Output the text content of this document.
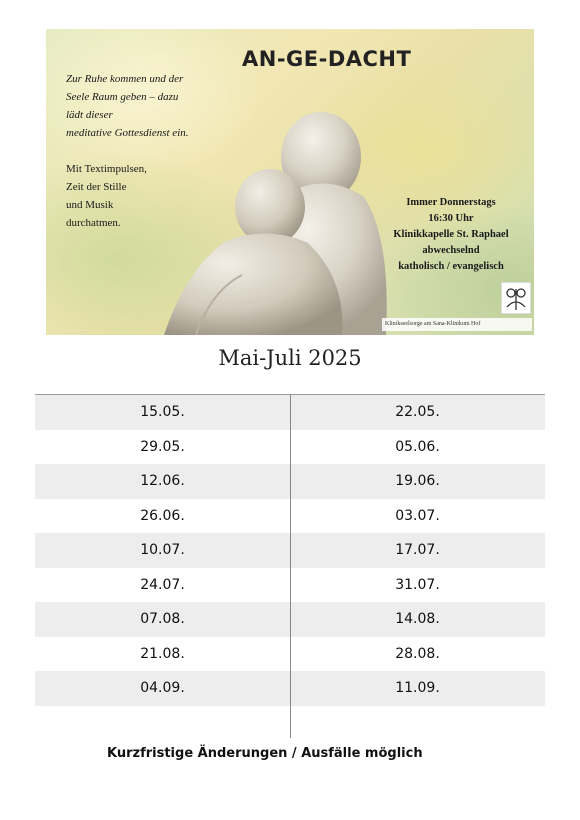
AN-GE-DACHT

Zur Ruhe kommen und der
Seele Raum geben – dazu
lädt dieser
meditative Gottesdienst ein.

Mit Textimpulsen,
Zeit der Stille
und Musik
durchatmen.

Immer Donnerstags
16:30 Uhr
Klinikkapelle St. Raphael
abwechselnd
katholisch / evangelisch
Klinikseelsorge am Sana-Klinikum Hof
Mai-Juli 2025
15.05.	22.05.
29.05.	05.06.
12.06.	19.06.
26.06.	03.07.
10.07.	17.07.
24.07.	31.07.
07.08.	14.08.
21.08.	28.08.
04.09.	11.09.

Kurzfristige Änderungen / Ausfälle möglich
